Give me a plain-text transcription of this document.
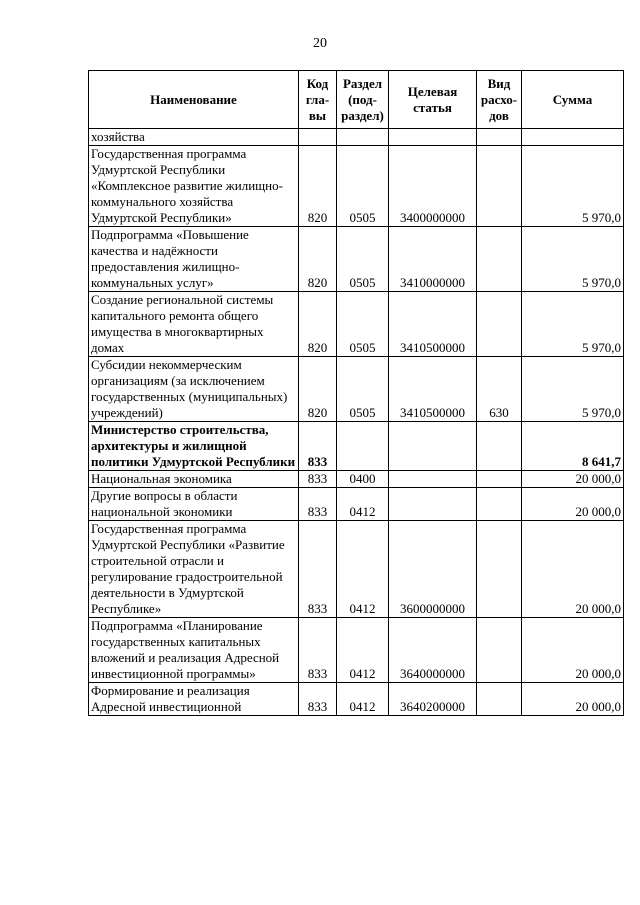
20
Наименование	Код гла-вы	Раздел (под-раздел)	Целевая статья	Вид расхо-дов	Сумма
хозяйства					
Государственная программа Удмуртской Республики «Комплексное развитие жилищно-коммунального хозяйства Удмуртской Республики»	820	0505	3400000000		5 970,0
Подпрограмма «Повышение качества и надёжности предоставления жилищно-коммунальных услуг»	820	0505	3410000000		5 970,0
Создание региональной системы капитального ремонта общего имущества в многоквартирных домах	820	0505	3410500000		5 970,0
Субсидии некоммерческим организациям (за исключением государственных (муниципальных) учреждений)	820	0505	3410500000	630	5 970,0
Министерство строительства, архитектуры и жилищной политики Удмуртской Республики	833				8 641,7
Национальная экономика	833	0400			20 000,0
Другие вопросы в области национальной экономики	833	0412			20 000,0
Государственная программа Удмуртской Республики «Развитие строительной отрасли и регулирование градостроительной деятельности в Удмуртской Республике»	833	0412	3600000000		20 000,0
Подпрограмма «Планирование государственных капитальных вложений и реализация Адресной инвестиционной программы»	833	0412	3640000000		20 000,0
Формирование и реализация Адресной инвестиционной	833	0412	3640200000		20 000,0
